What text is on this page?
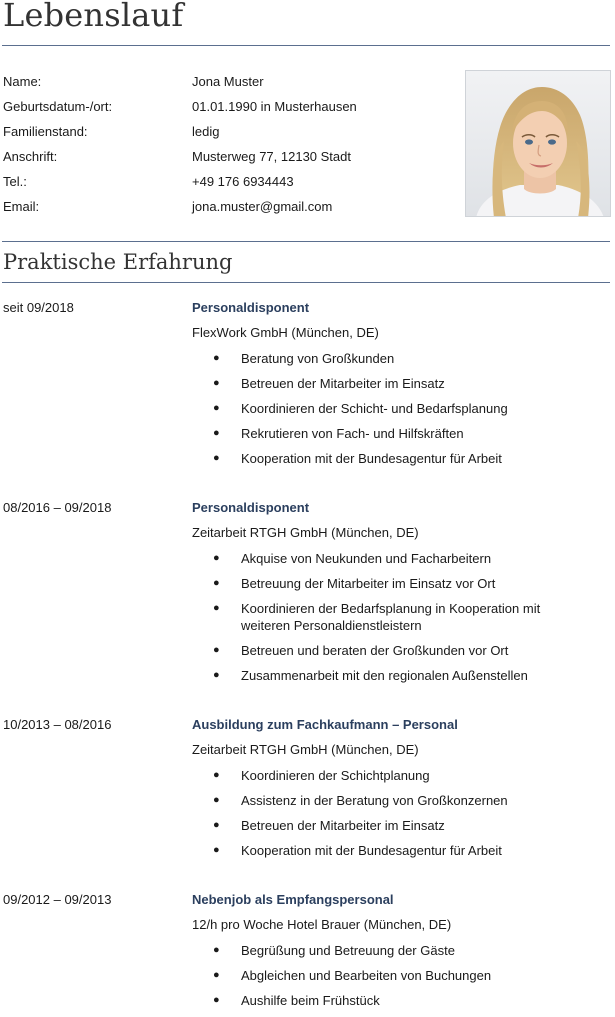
Lebenslauf
Name:	Jona Muster
Geburtsdatum-/ort:	01.01.1990 in Musterhausen
Familienstand:	ledig
Anschrift:	Musterweg 77, 12130 Stadt
Tel.:	+49 176 6934443
Email:	jona.muster@gmail.com
Praktische Erfahrung
seit 09/2018	Personaldisponent
FlexWork GmbH (München, DE)
● Beratung von Großkunden
● Betreuen der Mitarbeiter im Einsatz
● Koordinieren der Schicht- und Bedarfsplanung
● Rekrutieren von Fach- und Hilfskräften
● Kooperation mit der Bundesagentur für Arbeit
08/2016 – 09/2018	Personaldisponent
Zeitarbeit RTGH GmbH (München, DE)
● Akquise von Neukunden und Facharbeitern
● Betreuung der Mitarbeiter im Einsatz vor Ort
● Koordinieren der Bedarfsplanung in Kooperation mit weiteren Personaldienstleistern
● Betreuen und beraten der Großkunden vor Ort
● Zusammenarbeit mit den regionalen Außenstellen
10/2013 – 08/2016	Ausbildung zum Fachkaufmann – Personal
Zeitarbeit RTGH GmbH (München, DE)
● Koordinieren der Schichtplanung
● Assistenz in der Beratung von Großkonzernen
● Betreuen der Mitarbeiter im Einsatz
● Kooperation mit der Bundesagentur für Arbeit
09/2012 – 09/2013	Nebenjob als Empfangspersonal
12/h pro Woche Hotel Brauer (München, DE)
● Begrüßung und Betreuung der Gäste
● Abgleichen und Bearbeiten von Buchungen
● Aushilfe beim Frühstück
